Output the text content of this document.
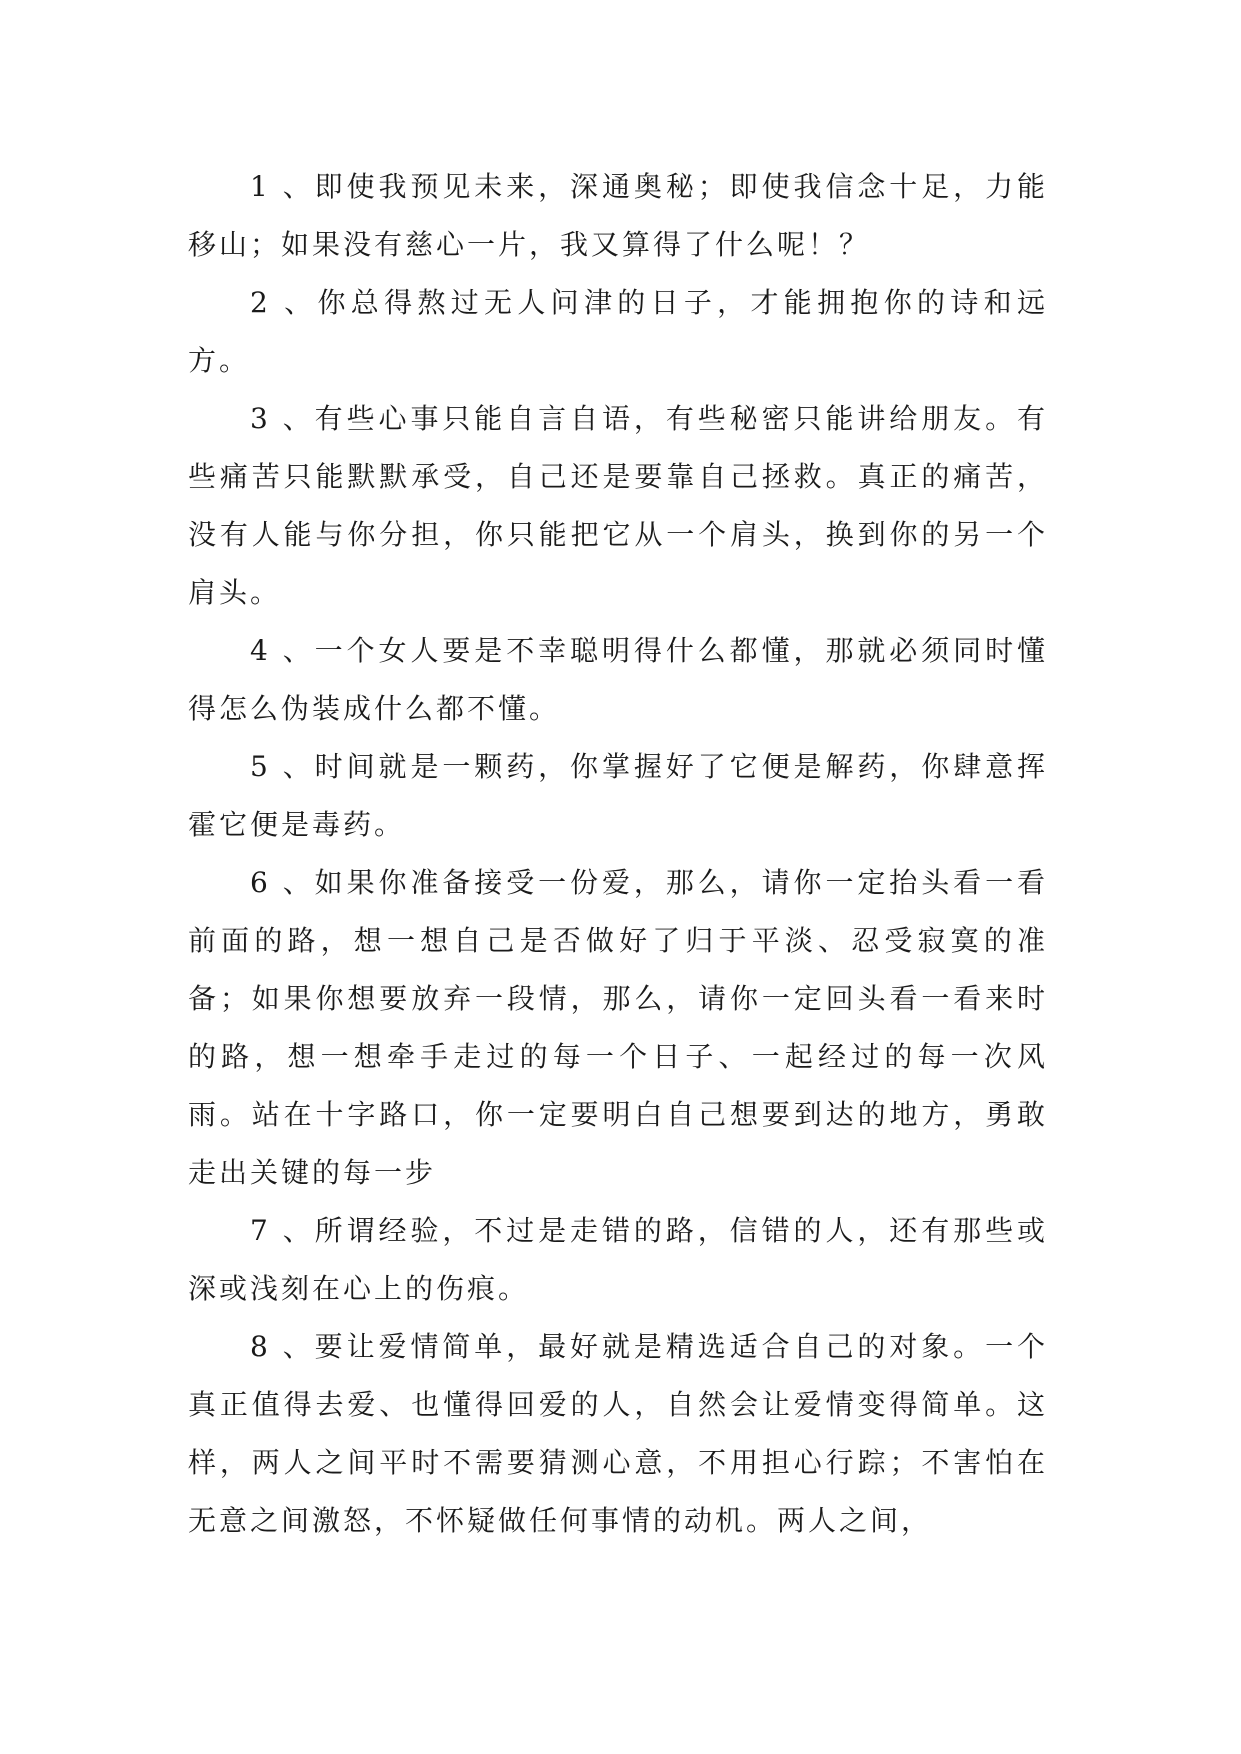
1 、即使我预见未来，深通奥秘；即使我信念十足，力能移山；如果没有慈心一片，我又算得了什么呢！？

2 、你总得熬过无人问津的日子，才能拥抱你的诗和远方。

3 、有些心事只能自言自语，有些秘密只能讲给朋友。有些痛苦只能默默承受，自己还是要靠自己拯救。真正的痛苦，没有人能与你分担，你只能把它从一个肩头，换到你的另一个肩头。

4 、一个女人要是不幸聪明得什么都懂，那就必须同时懂得怎么伪装成什么都不懂。

5 、时间就是一颗药，你掌握好了它便是解药，你肆意挥霍它便是毒药。

6 、如果你准备接受一份爱，那么，请你一定抬头看一看前面的路，想一想自己是否做好了归于平淡、忍受寂寞的准备；如果你想要放弃一段情，那么，请你一定回头看一看来时的路，想一想牵手走过的每一个日子、一起经过的每一次风雨。站在十字路口，你一定要明白自己想要到达的地方，勇敢走出关键的每一步

7 、所谓经验，不过是走错的路，信错的人，还有那些或深或浅刻在心上的伤痕。

8 、要让爱情简单，最好就是精选适合自己的对象。一个真正值得去爱、也懂得回爱的人，自然会让爱情变得简单。这样，两人之间平时不需要猜测心意，不用担心行踪；不害怕在无意之间激怒，不怀疑做任何事情的动机。两人之间，
